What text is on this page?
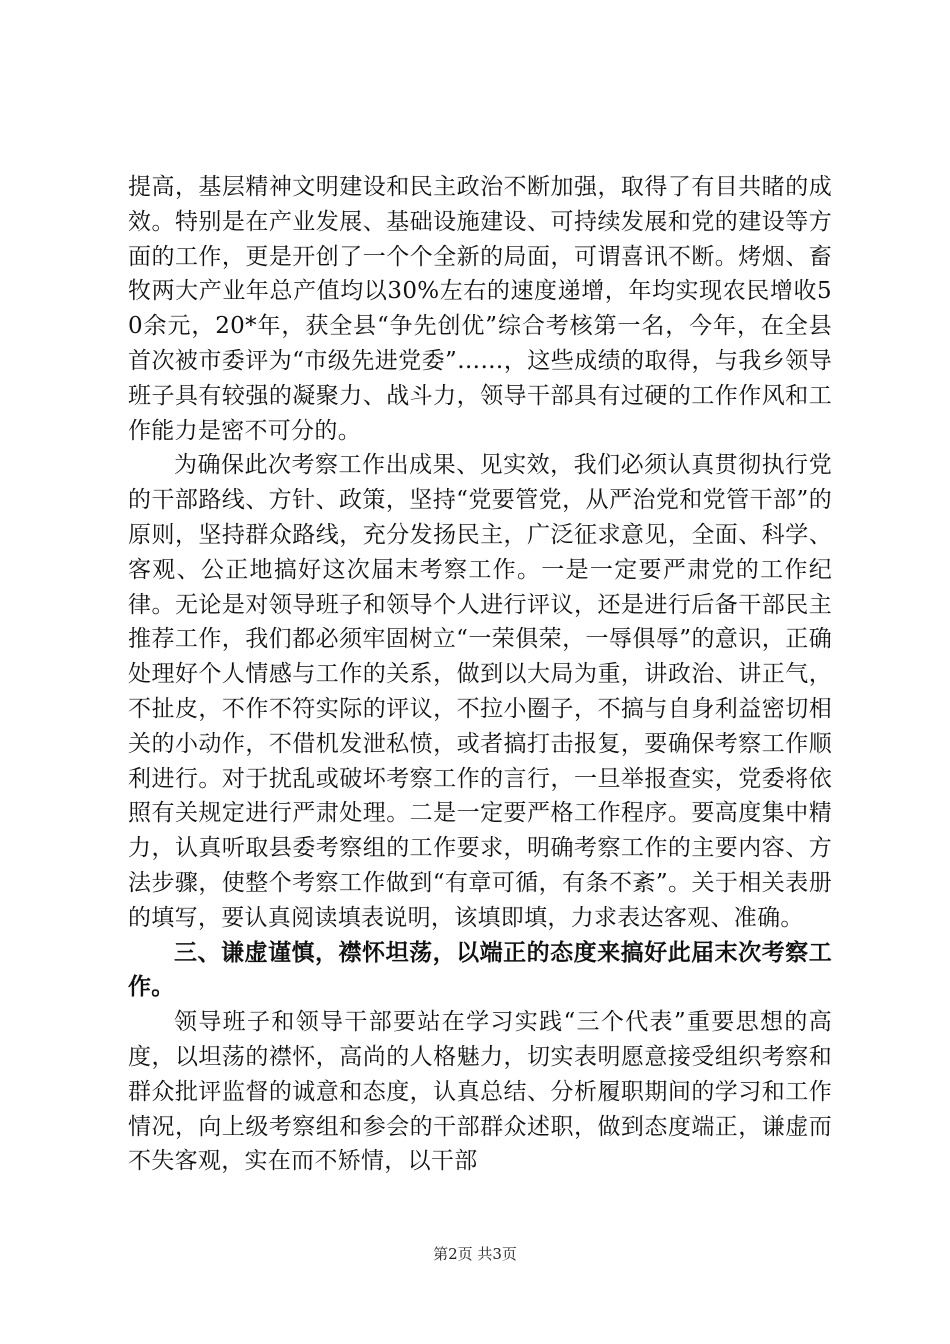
提高，基层精神文明建设和民主政治不断加强，取得了有目共睹的成效。特别是在产业发展、基础设施建设、可持续发展和党的建设等方面的工作，更是开创了一个个全新的局面，可谓喜讯不断。烤烟、畜牧两大产业年总产值均以30%左右的速度递增，年均实现农民增收50余元，20*年，获全县“争先创优”综合考核第一名，今年，在全县首次被市委评为“市级先进党委”……，这些成绩的取得，与我乡领导班子具有较强的凝聚力、战斗力，领导干部具有过硬的工作作风和工作能力是密不可分的。

为确保此次考察工作出成果、见实效，我们必须认真贯彻执行党的干部路线、方针、政策，坚持“党要管党，从严治党和党管干部”的原则，坚持群众路线，充分发扬民主，广泛征求意见，全面、科学、客观、公正地搞好这次届末考察工作。一是一定要严肃党的工作纪律。无论是对领导班子和领导个人进行评议，还是进行后备干部民主推荐工作，我们都必须牢固树立“一荣俱荣，一辱俱辱”的意识，正确处理好个人情感与工作的关系，做到以大局为重，讲政治、讲正气，不扯皮，不作不符实际的评议，不拉小圈子，不搞与自身利益密切相关的小动作，不借机发泄私愤，或者搞打击报复，要确保考察工作顺利进行。对于扰乱或破坏考察工作的言行，一旦举报查实，党委将依照有关规定进行严肃处理。二是一定要严格工作程序。要高度集中精力，认真听取县委考察组的工作要求，明确考察工作的主要内容、方法步骤，使整个考察工作做到“有章可循，有条不紊”。关于相关表册的填写，要认真阅读填表说明，该填即填，力求表达客观、准确。

三、谦虚谨慎，襟怀坦荡，以端正的态度来搞好此届末次考察工作。

领导班子和领导干部要站在学习实践“三个代表”重要思想的高度，以坦荡的襟怀，高尚的人格魅力，切实表明愿意接受组织考察和群众批评监督的诚意和态度，认真总结、分析履职期间的学习和工作情况，向上级考察组和参会的干部群众述职，做到态度端正，谦虚而不失客观，实在而不矫情，以干部

第2页 共3页
